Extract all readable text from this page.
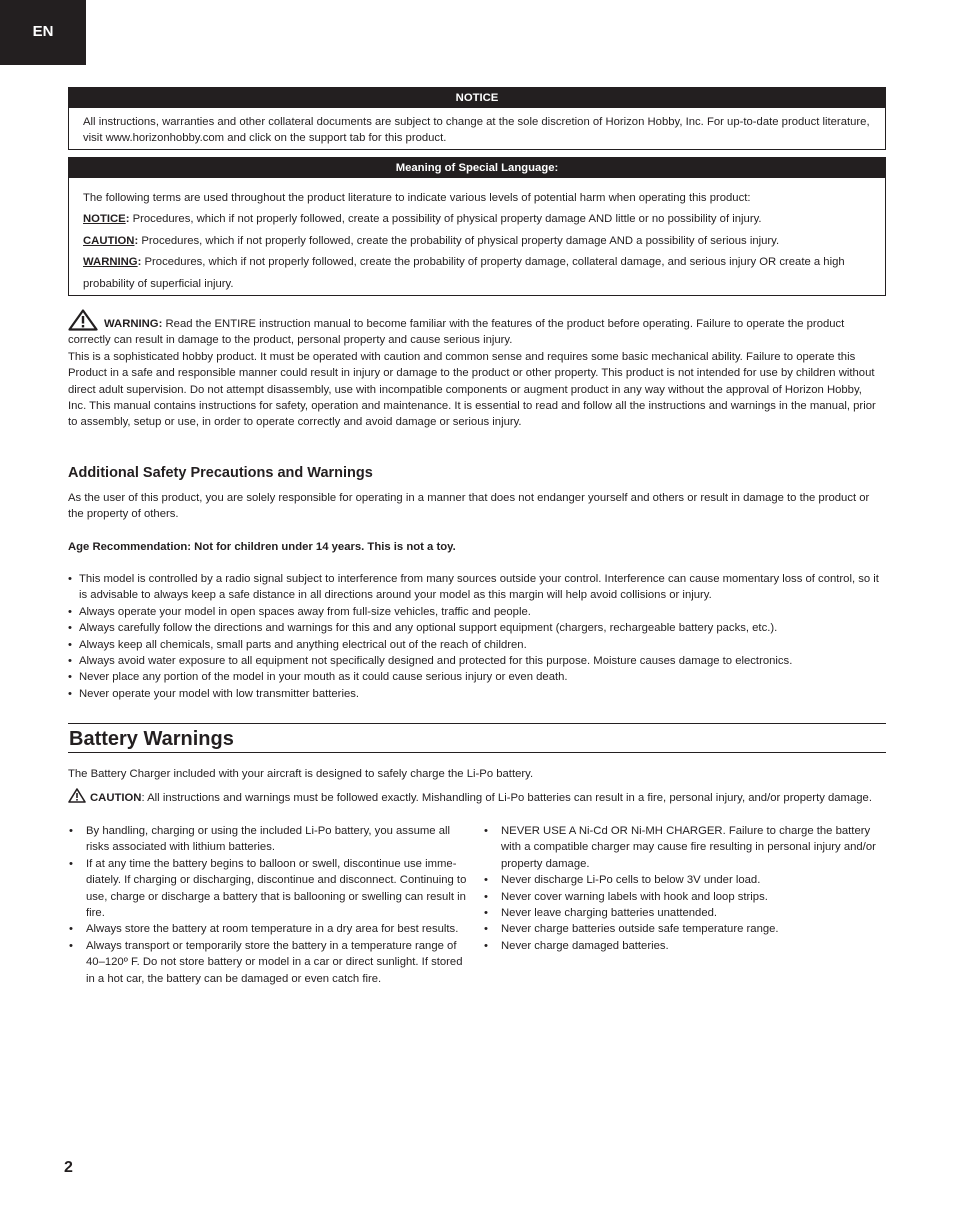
EN
NOTICE
All instructions, warranties and other collateral documents are subject to change at the sole discretion of Horizon Hobby, Inc. For up-to-date product literature, visit www.horizonhobby.com and click on the support tab for this product.
Meaning of Special Language:

The following terms are used throughout the product literature to indicate various levels of potential harm when operating this product:

NOTICE: Procedures, which if not properly followed, create a possibility of physical property damage AND little or no possibility of injury.

CAUTION: Procedures, which if not properly followed, create the probability of physical property damage AND a possibility of serious injury.

WARNING: Procedures, which if not properly followed, create the probability of property damage, collateral damage, and serious injury OR create a high probability of superficial injury.

WARNING: Read the ENTIRE instruction manual to become familiar with the features of the product before operating. Failure to operate the product correctly can result in damage to the product, personal property and cause serious injury.

This is a sophisticated hobby product. It must be operated with caution and common sense and requires some basic mechanical ability. Failure to operate this Product in a safe and responsible manner could result in injury or damage to the product or other property. This product is not intended for use by children without direct adult supervision. Do not attempt disassembly, use with incompatible components or augment product in any way without the approval of Horizon Hobby, Inc. This manual contains instructions for safety, operation and maintenance. It is essential to read and follow all the instructions and warnings in the manual, prior to assembly, setup or use, in order to operate correctly and avoid damage or serious injury.

Additional Safety Precautions and Warnings

As the user of this product, you are solely responsible for operating in a manner that does not endanger yourself and others or result in damage to the product or the property of others.

Age Recommendation: Not for children under 14 years. This is not a toy.

• This model is controlled by a radio signal subject to interference from many sources outside your control. Interference can cause momentary loss of control, so it is advisable to always keep a safe distance in all directions around your model as this margin will help avoid collisions or injury.
• Always operate your model in open spaces away from full-size vehicles, traffic and people.
• Always carefully follow the directions and warnings for this and any optional support equipment (chargers, rechargeable battery packs, etc.).
• Always keep all chemicals, small parts and anything electrical out of the reach of children.
• Always avoid water exposure to all equipment not specifically designed and protected for this purpose. Moisture causes damage to electronics.
• Never place any portion of the model in your mouth as it could cause serious injury or even death.
• Never operate your model with low transmitter batteries.
Battery Warnings

The Battery Charger included with your aircraft is designed to safely charge the Li-Po battery.

CAUTION: All instructions and warnings must be followed exactly. Mishandling of Li-Po batteries can result in a fire, personal injury, and/or property damage.

• By handling, charging or using the included Li-Po battery, you assume all risks associated with lithium batteries.
• If at any time the battery begins to balloon or swell, discontinue use imme-diately. If charging or discharging, discontinue and disconnect. Continuing to use, charge or discharge a battery that is ballooning or swelling can result in fire.
• Always store the battery at room temperature in a dry area for best results.
• Always transport or temporarily store the battery in a temperature range of 40–120º F. Do not store battery or model in a car or direct sunlight. If stored in a hot car, the battery can be damaged or even catch fire.
• NEVER USE A Ni-Cd OR Ni-MH CHARGER. Failure to charge the battery with a compatible charger may cause fire resulting in personal injury and/or property damage.
• Never discharge Li-Po cells to below 3V under load.
• Never cover warning labels with hook and loop strips.
• Never leave charging batteries unattended.
• Never charge batteries outside safe temperature range.
• Never charge damaged batteries.
2
